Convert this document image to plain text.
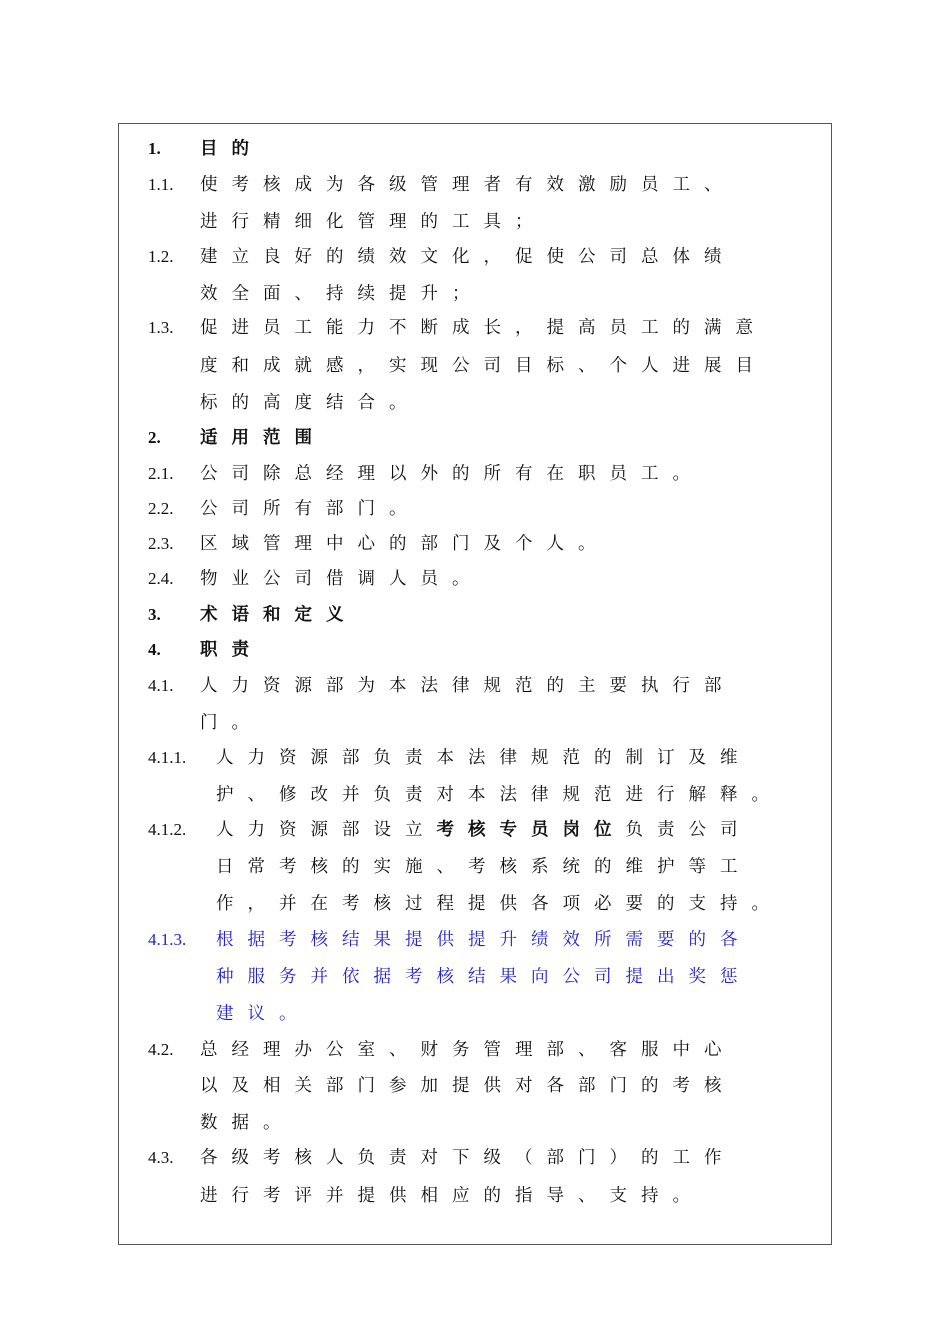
1. 目的
1.1. 使考核成为各级管理者有效激励员工、
进行精细化管理的工具；
1.2. 建立良好的绩效文化，促使公司总体绩
效全面、持续提升；
1.3. 促进员工能力不断成长，提高员工的满意
度和成就感，实现公司目标、个人进展目
标的高度结合。
2. 适用范围
2.1. 公司除总经理以外的所有在职员工。
2.2. 公司所有部门。
2.3. 区域管理中心的部门及个人。
2.4. 物业公司借调人员。
3. 术语和定义
4. 职责
4.1. 人力资源部为本法律规范的主要执行部
门。
4.1.1. 人力资源部负责本法律规范的制订及维
护、修改并负责对本法律规范进行解释。
4.1.2. 人力资源部设立考核专员岗位负责公司
日常考核的实施、考核系统的维护等工
作，并在考核过程提供各项必要的支持。
4.1.3. 根据考核结果提供提升绩效所需要的各
种服务并依据考核结果向公司提出奖惩
建议。
4.2. 总经理办公室、财务管理部、客服中心
以及相关部门参加提供对各部门的考核
数据。
4.3. 各级考核人负责对下级（部门）的工作
进行考评并提供相应的指导、支持。
